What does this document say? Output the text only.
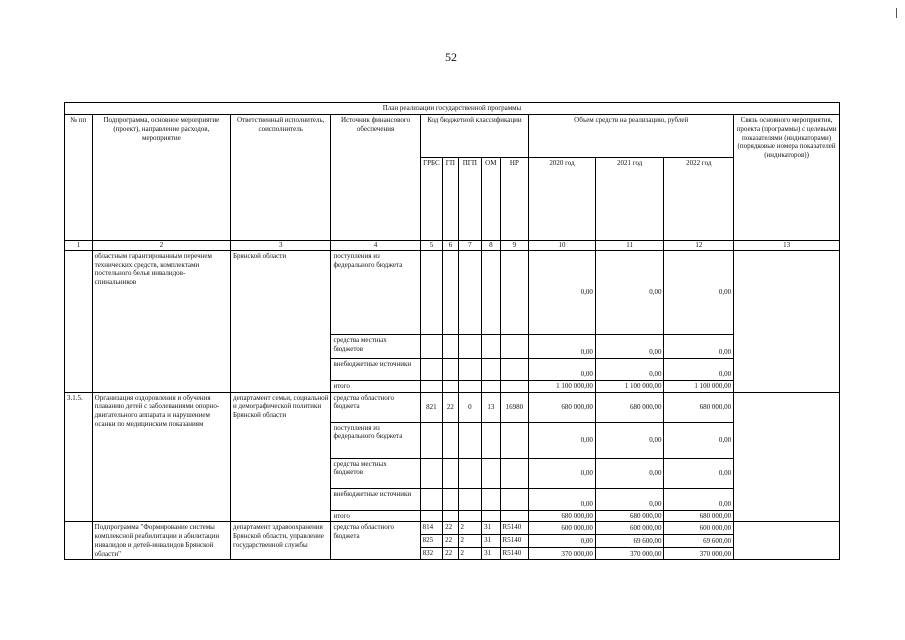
52
План реализации государственной программы												
№ пп	Подпрограмма, основное мероприятие (проект), направление расходов, мероприятие	Ответственный исполнитель, соисполнитель	Источник финансового обеспечения	Код бюджетной классификации					Объем средств на реализацию, рублей			Связь основного мероприятия, проекта (программы) с целевыми показателями (индикаторами) (порядковые номера показателей (индикаторов))
				ГРБС	ГП	ПГП	ОМ	НР	2020 год	2021 год	2022 год	
1	2	3	4	5	6	7	8	9	10	11	12	13
	областным гарантированным перечнем технических средств, комплектами постельного белья инвалидов- спинальников	Брянской области	поступления из федерального бюджета						0,00	0,00	0,00	
			средства местных бюджетов						0,00	0,00	0,00	
			внебюджетные источники						0,00	0,00	0,00	
			итого						1 100 000,00	1 100 000,00	1 100 000,00	
3.1.5.	Организация оздоровления и обучения плаванию детей с заболеваниями опорно-двигательного аппарата и нарушением осанки по медицинским показаниям	департамент семьи, социальной и демографической политики Брянской области	средства областного бюджета	821	22	0	13	16980	680 000,00	680 000,00	680 000,00	
			поступления из федерального бюджета						0,00	0,00	0,00	
			средства местных бюджетов						0,00	0,00	0,00	
			внебюджетные источники						0,00	0,00	0,00	
			итого						680 000,00	680 000,00	680 000,00	
	Подпрограмма "Формирование системы комплексной реабилитации и абилитации инвалидов и детей-инвалидов Брянской области"	департамент здравоохранения Брянской области, управление государственной службы	средства областного бюджета	814	22	2	31	R5140	600 000,00	600 000,00	600 000,00	
				825	22	2	31	R5140	0,00	69 600,00	69 600,00	
				832	22	2	31	R5140	370 000,00	370 000,00	370 000,00	
